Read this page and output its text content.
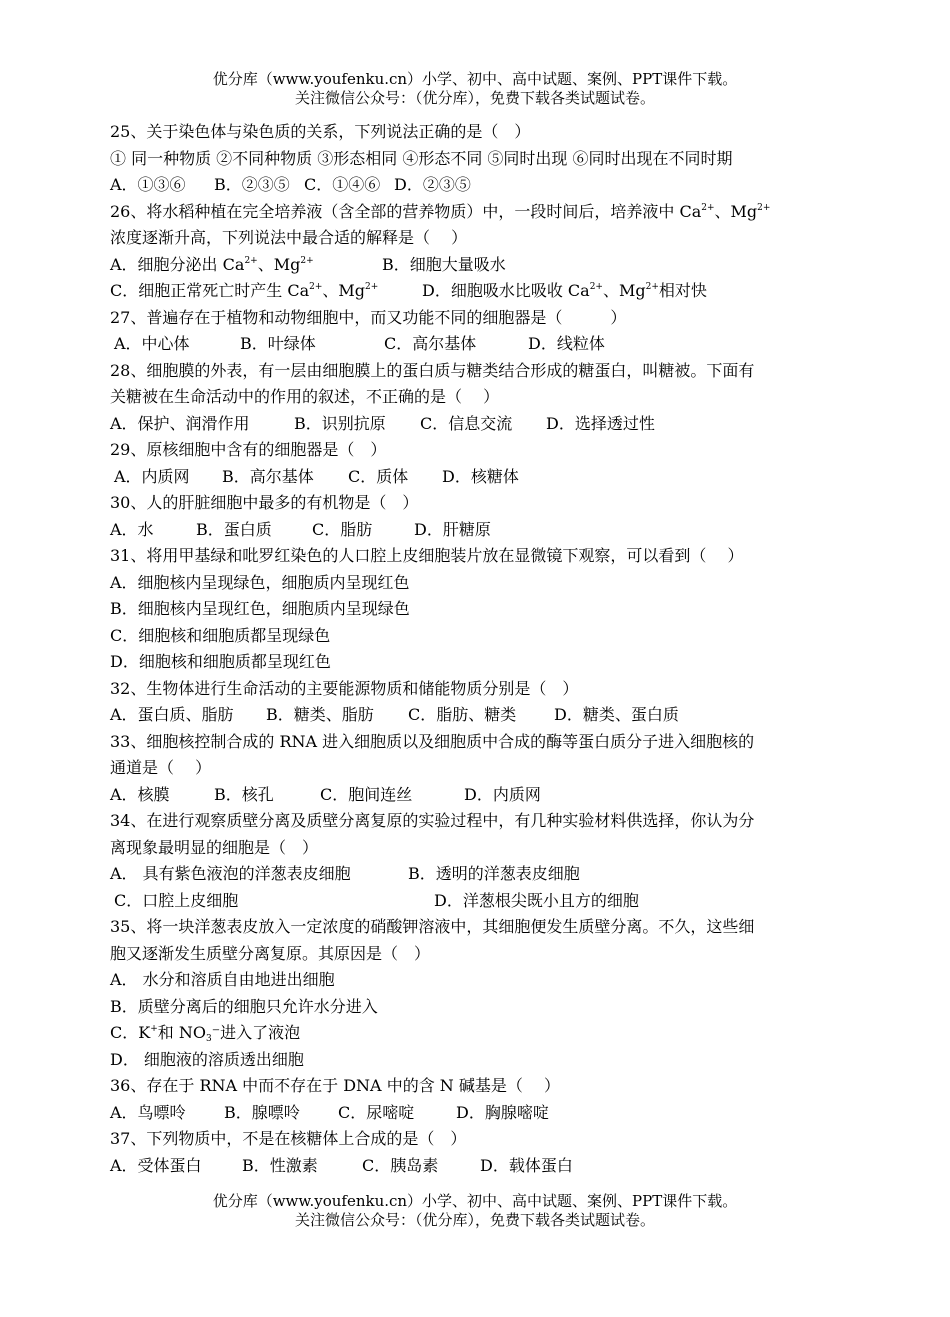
优分库（www.youfenku.cn）小学、初中、高中试题、案例、PPT课件下载。
关注微信公众号：（优分库），免费下载各类试题试卷。
25、关于染色体与染色质的关系，下列说法正确的是（　）
① 同一种物质 ②不同种物质 ③形态相同 ④形态不同 ⑤同时出现 ⑥同时出现在不同时期
A．①③⑥ B．②③⑤ C．①④⑥ D．②③⑤
26、将水稻种植在完全培养液（含全部的营养物质）中，一段时间后，培养液中 $Ca^{2+}$、$Mg^{2+}$
浓度逐渐升高，下列说法中最合适的解释是（　 ）
A．细胞分泌出 $Ca^{2+}$、$Mg^{2+}$	B．细胞大量吸水
C．细胞正常死亡时产生 $Ca^{2+}$、$Mg^{2+}$	D．细胞吸水比吸收 $Ca^{2+}$、$Mg^{2+}$相对快
27、普遍存在于植物和动物细胞中，而又功能不同的细胞器是（　　　）
A．中心体	B．叶绿体	C．高尔基体	D．线粒体
28、细胞膜的外表，有一层由细胞膜上的蛋白质与糖类结合形成的糖蛋白，叫糖被。下面有
关糖被在生命活动中的作用的叙述，不正确的是（　 ）
A．保护、润滑作用	B．识别抗原 C．信息交流 D．选择透过性
29、原核细胞中含有的细胞器是（　）
A．内质网 B．高尔基体 C．质体 D．核糖体
30、人的肝脏细胞中最多的有机物是（　）
A．水	B．蛋白质	C．脂肪	D．肝糖原
31、将用甲基绿和吡罗红染色的人口腔上皮细胞装片放在显微镜下观察，可以看到（　 ）
A．细胞核内呈现绿色，细胞质内呈现红色
B．细胞核内呈现红色，细胞质内呈现绿色
C．细胞核和细胞质都呈现绿色
D．细胞核和细胞质都呈现红色
32、生物体进行生命活动的主要能源物质和储能物质分别是（　）
A．蛋白质、脂肪 B．糖类、脂肪 C．脂肪、糖类 D．糖类、蛋白质
33、细胞核控制合成的 RNA 进入细胞质以及细胞质中合成的酶等蛋白质分子进入细胞核的
通道是（　 ）
A．核膜	B．核孔	C．胞间连丝	D．内质网
34、在进行观察质壁分离及质壁分离复原的实验过程中，有几种实验材料供选择，你认为分
离现象最明显的细胞是（　）
A． 具有紫色液泡的洋葱表皮细胞	B．透明的洋葱表皮细胞
C．口腔上皮细胞	D．洋葱根尖既小且方的细胞
35、将一块洋葱表皮放入一定浓度的硝酸钾溶液中，其细胞便发生质壁分离。不久，这些细
胞又逐渐发生质壁分离复原。其原因是（　）
A． 水分和溶质自由地进出细胞
B．质壁分离后的细胞只允许水分进入
C．K+和 $NO_3^-$进入了液泡
D． 细胞液的溶质透出细胞
36、存在于 RNA 中而不存在于 DNA 中的含 N 碱基是（　 ）
A．鸟嘌呤 B．腺嘌呤 C．尿嘧啶	D．胸腺嘧啶
37、下列物质中，不是在核糖体上合成的是（　）
A．受体蛋白	B．性激素	C．胰岛素	D．载体蛋白
优分库（www.youfenku.cn）小学、初中、高中试题、案例、PPT课件下载。
关注微信公众号：（优分库），免费下载各类试题试卷。
